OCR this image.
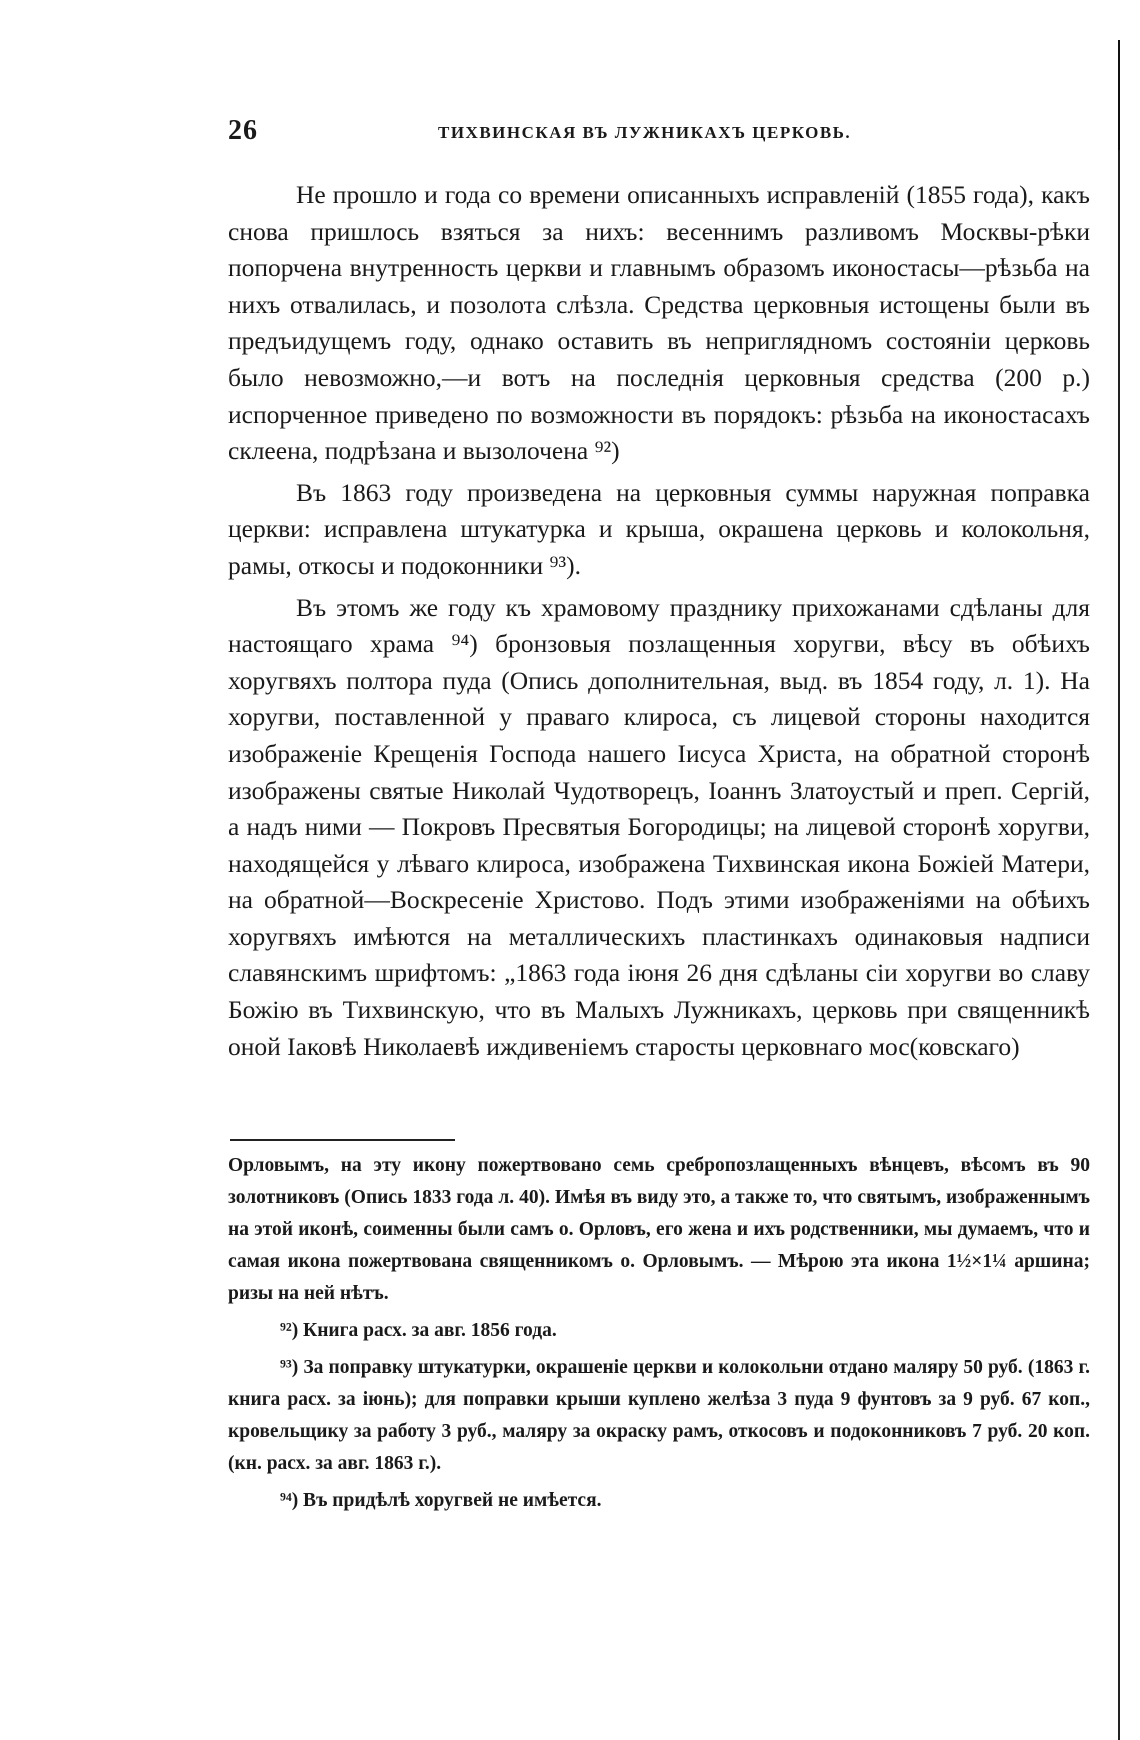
26	ТИХВИНСКАЯ ВЪ ЛУЖНИКАХЪ ЦЕРКОВЬ.

Не прошло и года со времени описанныхъ исправленій (1855 года), какъ снова пришлось взяться за нихъ: весеннимъ разливомъ Москвы-рѣки попорчена внутренность церкви и главнымъ образомъ иконостасы—рѣзьба на нихъ отвалилась, и позолота слѣзла. Средства церковныя истощены были въ предъидущемъ году, однако оставить въ неприглядномъ состояніи церковь было невозможно,—и вотъ на последнія церковныя средства (200 р.) испорченное приведено по возможности въ порядокъ: рѣзьба на иконостасахъ склеена, подрѣзана и вызолочена ⁹²)

Въ 1863 году произведена на церковныя суммы наружная поправка церкви: исправлена штукатурка и крыша, окрашена церковь и колокольня, рамы, откосы и подоконники ⁹³).

Въ этомъ же году къ храмовому празднику прихожанами сдѣланы для настоящаго храма ⁹⁴) бронзовыя позлащенныя хоругви, вѣсу въ обѣихъ хоругвяхъ полтора пуда (Опись дополнительная, выд. въ 1854 году, л. 1). На хоругви, поставленной у праваго клироса, съ лицевой стороны находится изображеніе Крещенія Господа нашего Іисуса Христа, на обратной сторонѣ изображены святые Николай Чудотворецъ, Іоаннъ Златоустый и преп. Сергій, а надъ ними — Покровъ Пресвятыя Богородицы; на лицевой сторонѣ хоругви, находящейся у лѣваго клироса, изображена Тихвинская икона Божіей Матери, на обратной—Воскресеніе Христово. Подъ этими изображеніями на обѣихъ хоругвяхъ имѣются на металлическихъ пластинкахъ одинаковыя надписи славянскимъ шрифтомъ: „1863 года іюня 26 дня сдѣланы сіи хоругви во славу Божію въ Тихвинскую, что въ Малыхъ Лужникахъ, церковь при священникѣ оной Іаковѣ Николаевѣ иждивеніемъ старосты церковнаго мос(ковскаго)

Орловымъ, на эту икону пожертвовано семь сребропозлащенныхъ вѣнцевъ, вѣсомъ въ 90 золотниковъ (Опись 1833 года л. 40). Имѣя въ виду это, а также то, что святымъ, изображеннымъ на этой иконѣ, соименны были самъ о. Орловъ, его жена и ихъ родственники, мы думаемъ, что и самая икона пожертвована священникомъ о. Орловымъ. — Мѣрою эта икона 1½×1¼ аршина; ризы на ней нѣтъ.

⁹²) Книга расх. за авг. 1856 года.

⁹³) За поправку штукатурки, окрашеніе церкви и колокольни отдано маляру 50 руб. (1863 г. книга расх. за іюнь); для поправки крыши куплено желѣза 3 пуда 9 фунтовъ за 9 руб. 67 коп., кровельщику за работу 3 руб., маляру за окраску рамъ, откосовъ и подоконниковъ 7 руб. 20 коп. (кн. расх. за авг. 1863 г.).

⁹⁴) Въ придѣлѣ хоругвей не имѣется.
